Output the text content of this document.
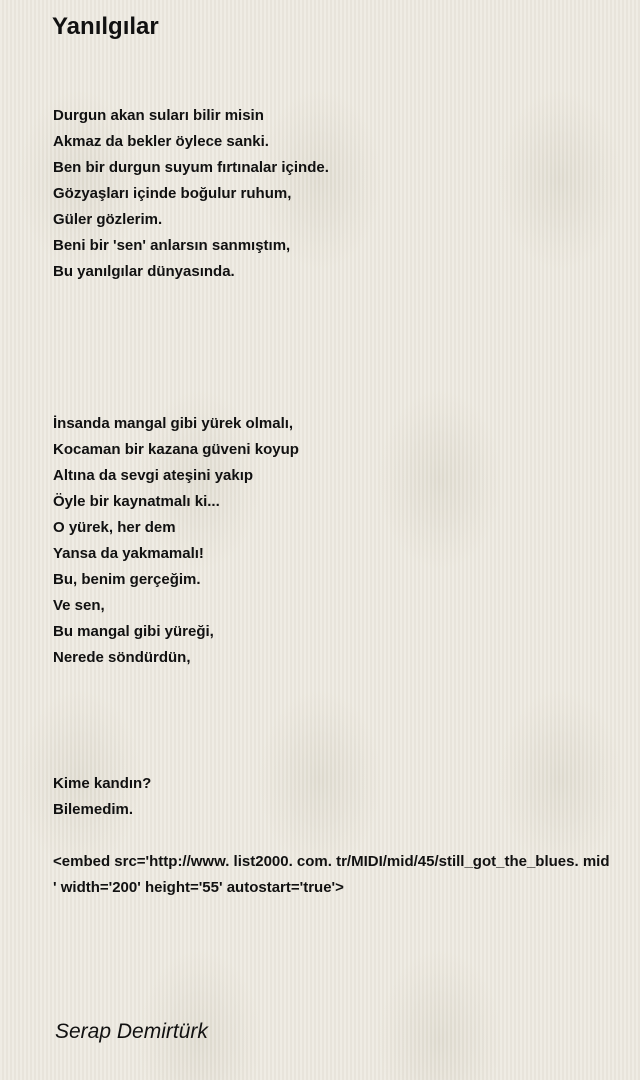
Yanılgılar
Durgun akan suları bilir misin
Akmaz da bekler öylece sanki.
Ben bir durgun suyum fırtınalar içinde.
Gözyaşları içinde boğulur ruhum,
Güler gözlerim.
Beni bir 'sen' anlarsın sanmıştım,
Bu yanılgılar dünyasında.
İnsanda mangal gibi yürek olmalı,
Kocaman bir kazana güveni koyup
Altına da sevgi ateşini yakıp
Öyle bir kaynatmalı ki...
O yürek, her dem
Yansa da yakmamalı!
Bu, benim gerçeğim.
Ve sen,
Bu mangal gibi yüreği,
Nerede söndürdün,
Kime kandın?
Bilemedim.
<embed src='http://www. list2000. com. tr/MIDI/mid/45/still_got_the_blues. mid
' width='200' height='55' autostart='true'>
Serap Demirtürk
